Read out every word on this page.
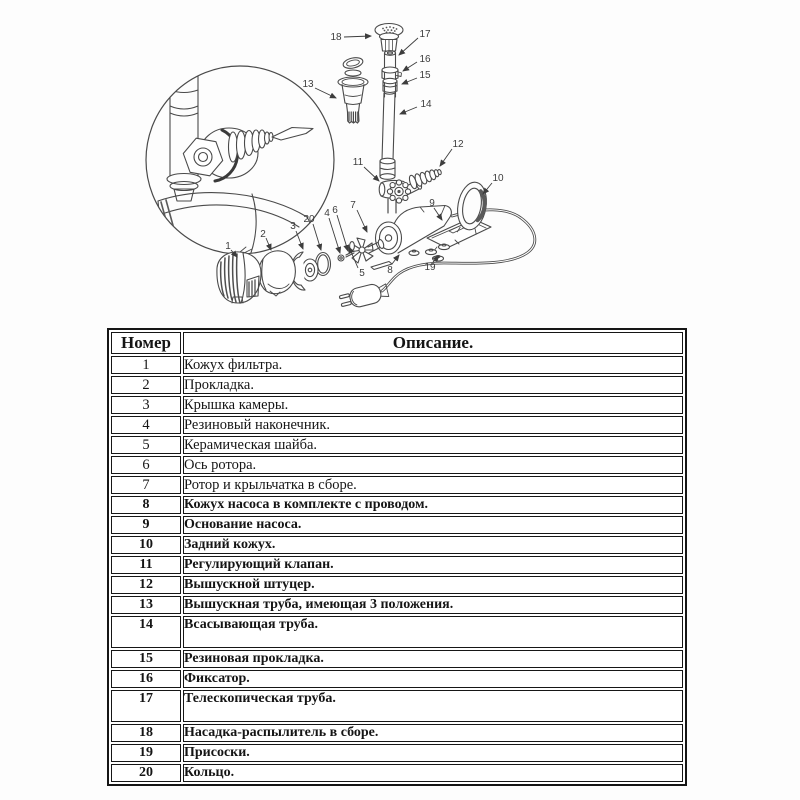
18	17
16
15
14
13
11
12
10
9
7
8
5
19
4 6
20
3
2
1
Номер	Описание.
1	Кожух фильтра.
2	Прокладка.
3	Крышка камеры.
4	Резиновый наконечник.
5	Керамическая шайба.
6	Ось ротора.
7	Ротор и крыльчатка в сборе.
8	Кожух насоса в комплекте с проводом.
9	Основание насоса.
10	Задний кожух.
11	Регулирующий клапан.
12	Вышускной штуцер.
13	Вышускная труба, имеющая 3 положения.
14	Всасывающая труба.
15	Резиновая прокладка.
16	Фиксатор.
17	Телескопическая труба.
18	Насадка-распылитель в сборе.
19	Присоски.
20	Кольцо.
